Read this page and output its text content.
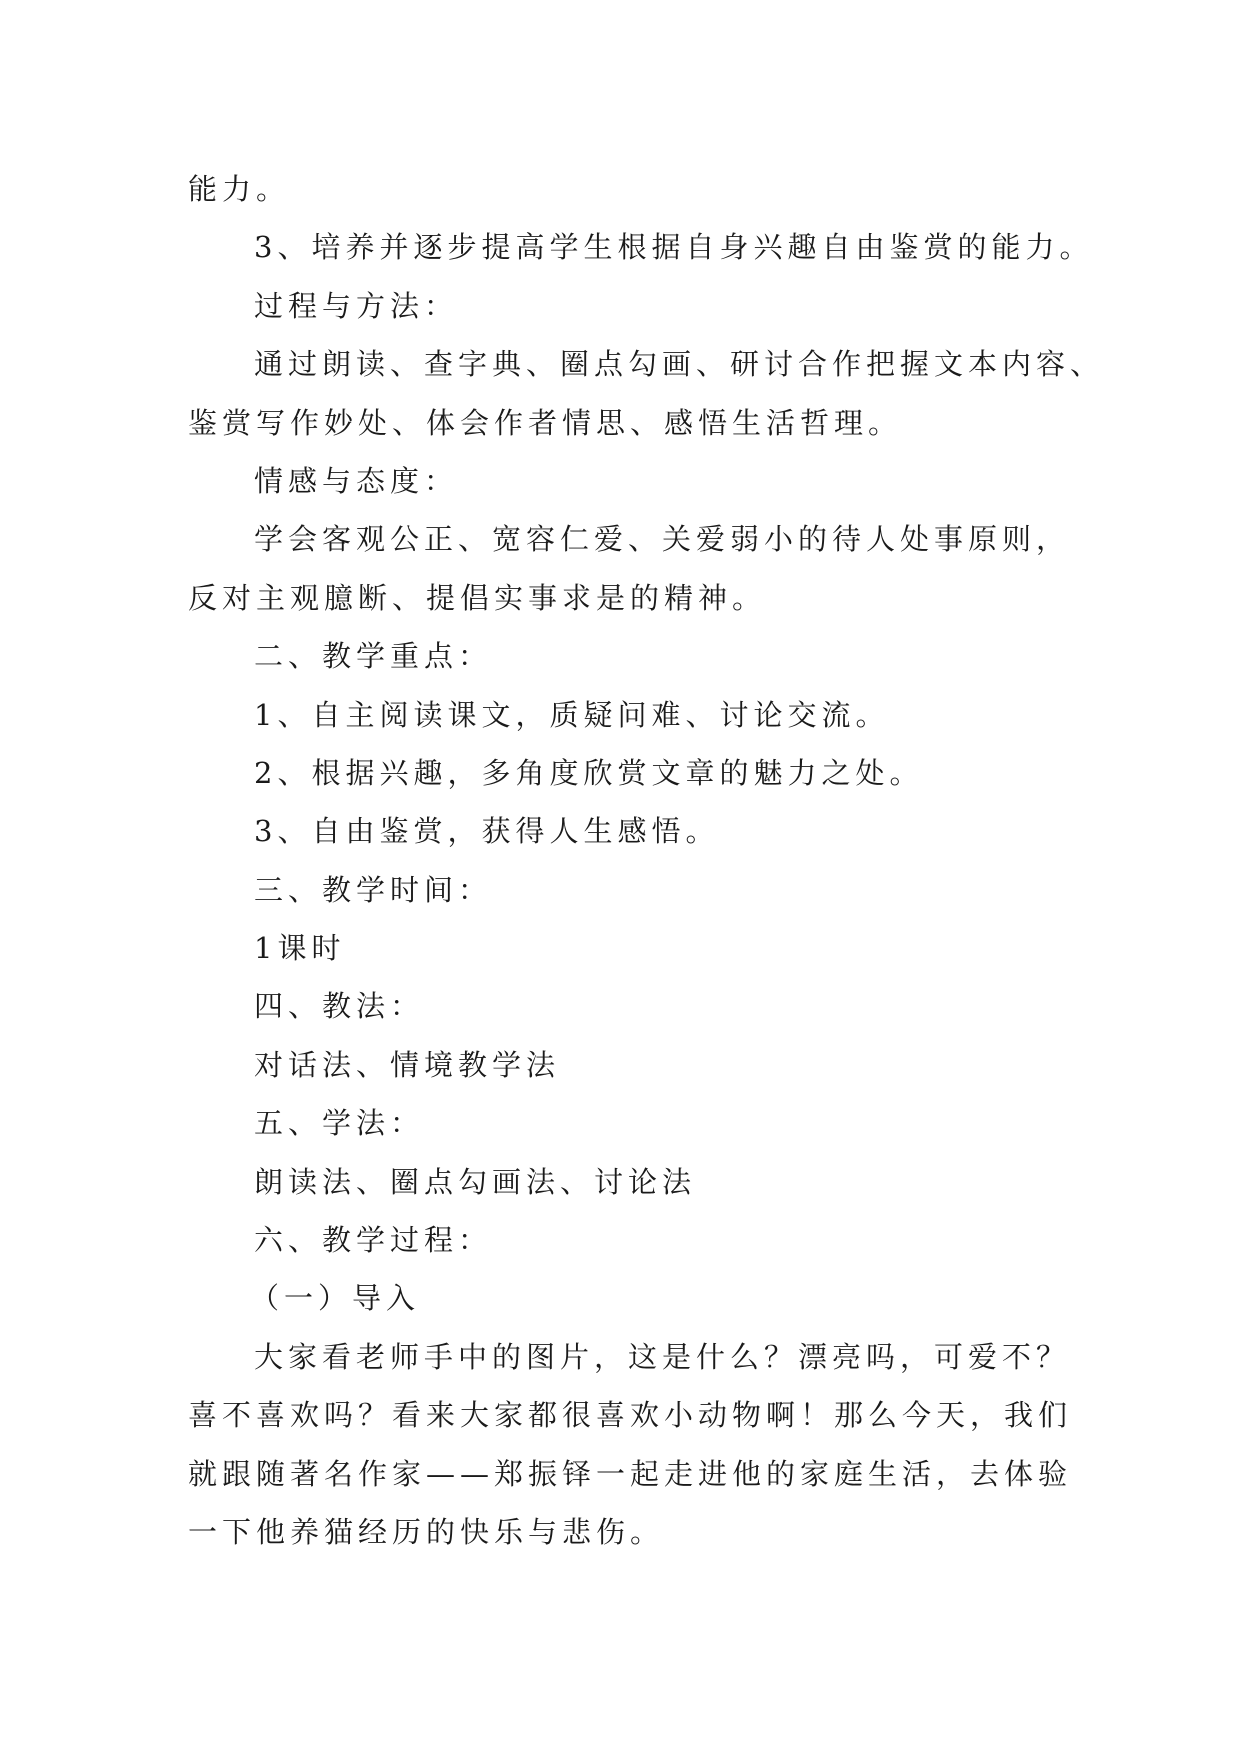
能力。
3、培养并逐步提高学生根据自身兴趣自由鉴赏的能力。
过程与方法：
通过朗读、查字典、圈点勾画、研讨合作把握文本内容、
鉴赏写作妙处、体会作者情思、感悟生活哲理。
情感与态度：
学会客观公正、宽容仁爱、关爱弱小的待人处事原则，
反对主观臆断、提倡实事求是的精神。
二、教学重点：
1、自主阅读课文，质疑问难、讨论交流。
2、根据兴趣，多角度欣赏文章的魅力之处。
3、自由鉴赏，获得人生感悟。
三、教学时间：
1课时
四、教法：
对话法、情境教学法
五、学法：
朗读法、圈点勾画法、讨论法
六、教学过程：
（一）导入
大家看老师手中的图片，这是什么？漂亮吗，可爱不？
喜不喜欢吗？看来大家都很喜欢小动物啊！那么今天，我们
就跟随著名作家——郑振铎一起走进他的家庭生活，去体验
一下他养猫经历的快乐与悲伤。
